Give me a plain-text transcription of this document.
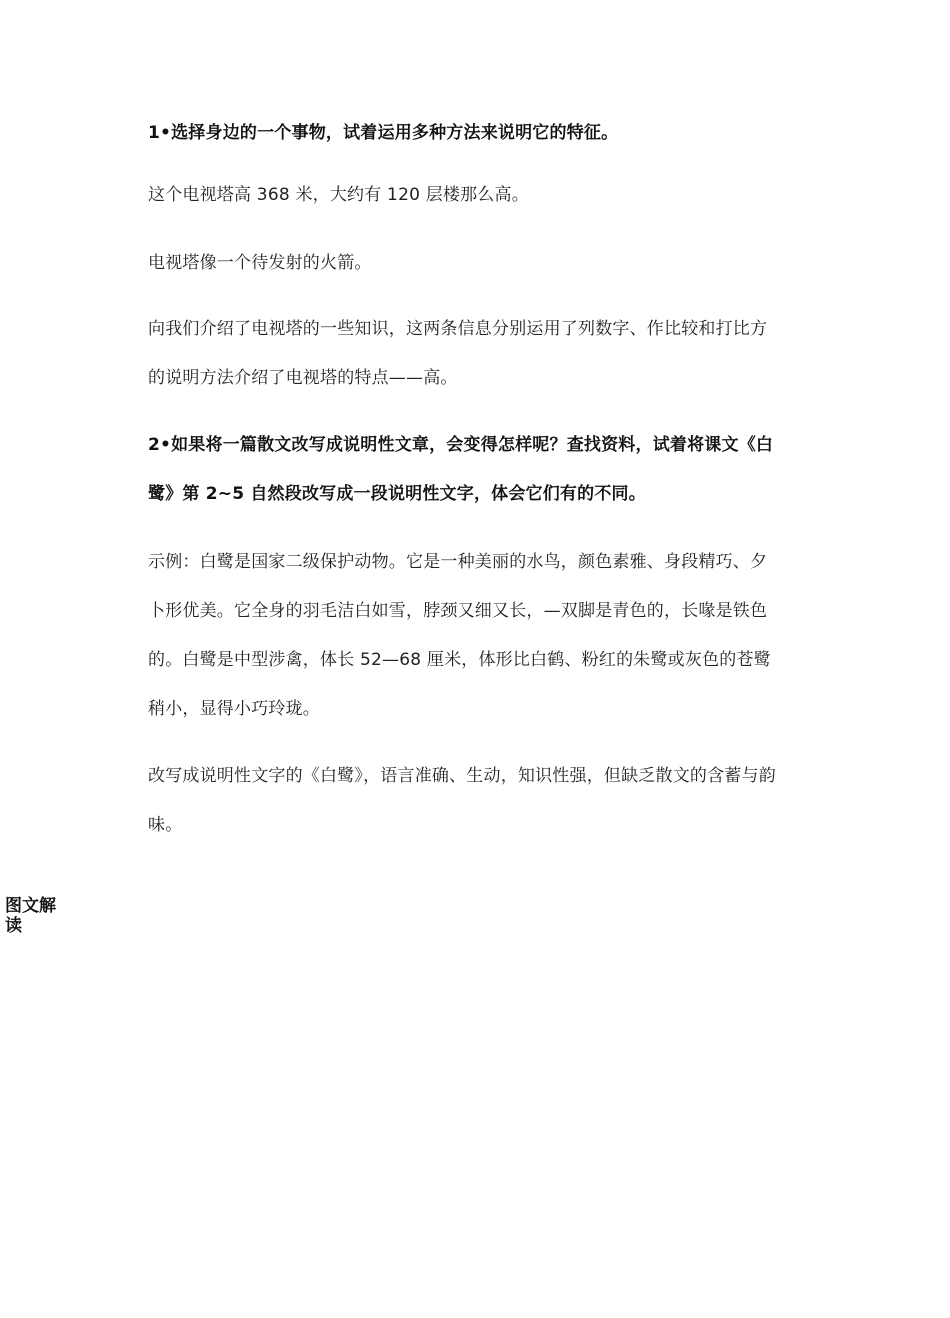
1•选择身边的一个事物，试着运用多种方法来说明它的特征。
这个电视塔高 368 米，大约有 120 层楼那么高。
电视塔像一个待发射的火箭。
向我们介绍了电视塔的一些知识，这两条信息分别运用了列数字、作比较和打比方
的说明方法介绍了电视塔的特点——高。
2•如果将一篇散文改写成说明性文章，会变得怎样呢？查找资料，试着将课文《白
鹭》第 2~5 自然段改写成一段说明性文字，体会它们有的不同。
示例：白鹭是国家二级保护动物。它是一种美丽的水鸟，颜色素雅、身段精巧、夕
卜形优美。它全身的羽毛洁白如雪，脖颈又细又长，—双脚是青色的，长喙是铁色
的。白鹭是中型涉禽，体长 52—68 厘米，体形比白鹤、粉红的朱鹭或灰色的苍鹭
稍小，显得小巧玲珑。
改写成说明性文字的《白鹭》，语言准确、生动，知识性强，但缺乏散文的含蓄与韵
味。
图文解读
